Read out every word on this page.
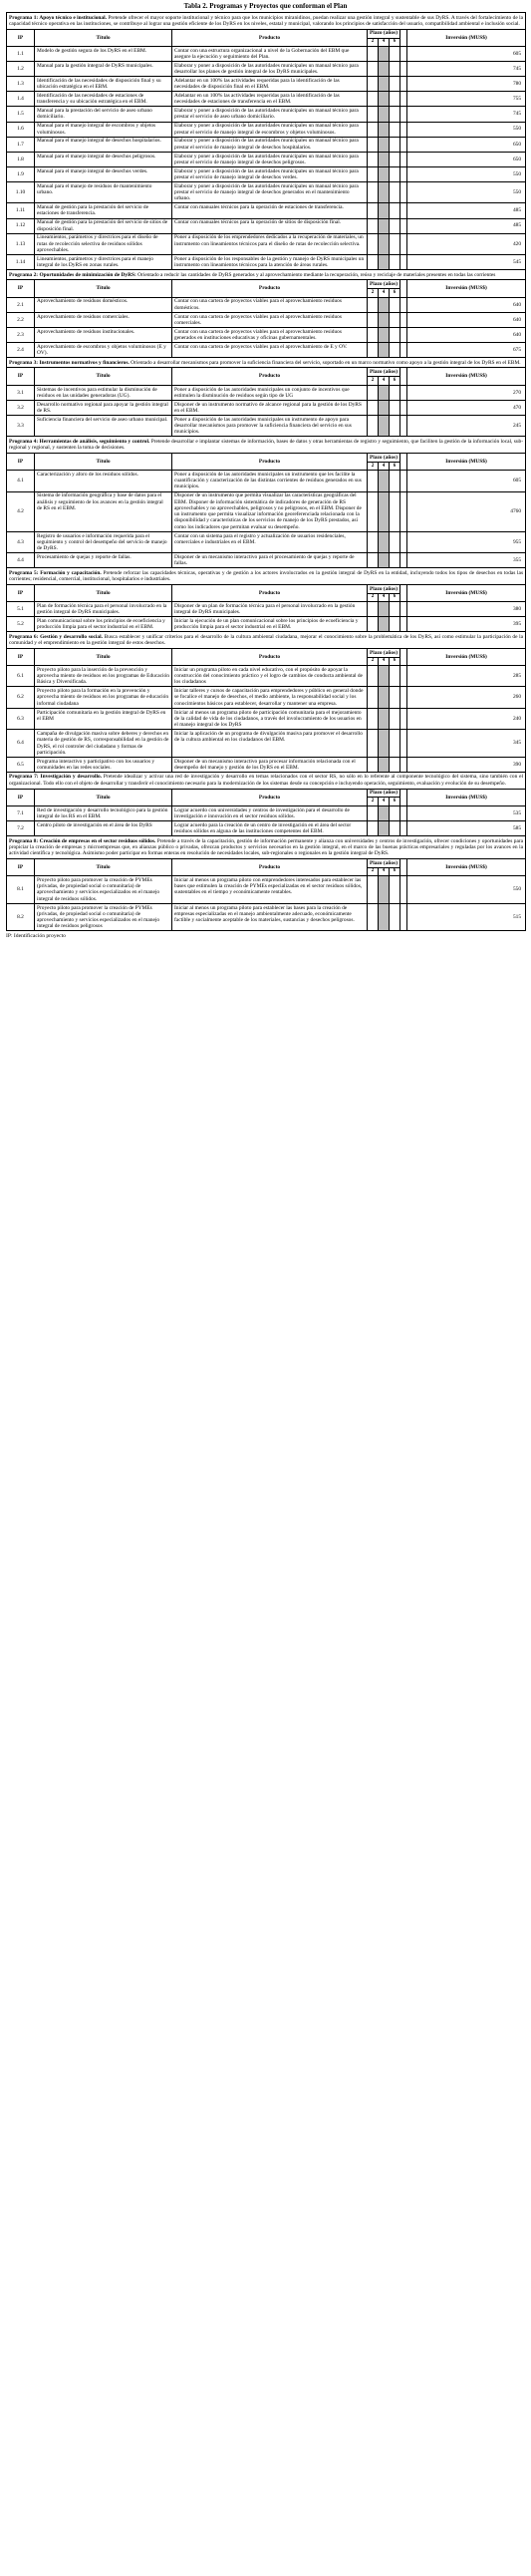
Tabla 2. Programas y Proyectos que conforman el Plan
Programa 1: Apoyo técnico e institucional. Pretende ofrecer el mayor soporte institucional y técnico para que los municipios miranidinos, puedan realizar una gestión integral y sustentable de sus DyRS. A través del fortalecimiento de la capacidad técnico operativa en las instituciones, se contribuye al lograr una gestión eficiente de los DyRS en los niveles, estatal y municipal, valorando los principios de satisfacción del usuario, compatibilidad ambiental e inclusión social.							
IP	Título	Producto	Plazo (años)				Inversión (MUS$)
			2	4	6		
1.1	Modelo de gestión segura de los DyRS en el EBM.	Contar con una estructura organizacional a nivel de la Gobernación del EBM que asegure la ejecución y seguimiento del Plan.					605
1.2	Manual para la gestión integral de DyRS municipales.	Elaborar y poner a disposición de las autoridades municipales un manual técnico para desarrollar los planes de gestión integral de los DyRS municipales.					745
1.3	Identificación de las necesidades de disposición final y su ubicación estratégica en el EBM.	Adelantar en un 100% las actividades requeridas para la identificación de las necesidades de disposición final en el EBM.					780
1.4	Identificación de las necesidades de estaciones de transferencia y su ubicación estratégica en el EBM.	Adelantar en un 100% las actividades requeridas para la identificación de las necesidades de estaciones de transferencia en el EBM.					755
1.5	Manual para la prestación del servicio de aseo urbano domiciliario.	Elaborar y poner a disposición de las autoridades municipales un manual técnico para prestar el servicio de aseo urbano domiciliario.					745
1.6	Manual para el manejo integral de escombros y objetos voluminosos.	Elaborar y poner a disposición de las autoridades municipales un manual técnico para prestar el servicio de manejo integral de escombros y objetos voluminosos.					550
1.7	Manual para el manejo integral de desechos hospitalarios.	Elaborar y poner a disposición de las autoridades municipales un manual técnico para prestar el servicio de manejo integral de desechos hospitalarios.					650
1.8	Manual para el manejo integral de desechos peligrosos.	Elaborar y poner a disposición de las autoridades municipales un manual técnico para prestar el servicio de manejo integral de desechos peligrosos.					650
1.9	Manual para el manejo integral de desechos verdes.	Elaborar y poner a disposición de las autoridades municipales un manual técnico para prestar el servicio de manejo integral de desechos verdes.					550
1.10	Manual para el manejo de residuos de mantenimiento urbano.	Elaborar y poner a disposición de las autoridades municipales un manual técnico para prestar el servicio de manejo integral de desechos generados en el mantenimiento urbano.					550
1.11	Manual de gestión para la prestación del servicio de estaciones de transferencia.	Contar con manuales técnicos para la operación de estaciones de transferencia.					485
1.12	Manual de gestión para la prestación del servicio de sitios de disposición final.	Contar con manuales técnicos para la operación de sitios de disposición final.					485
1.13	Lineamientos, parámetros y directrices para el diseño de rutas de recolección selectiva de residuos sólidos aprovechables.	Poner a disposición de los emprendedores dedicados a la recuperación de materiales, un instrumento con lineamientos técnicos para el diseño de rutas de recolección selectiva.					420
1.14	Lineamientos, parámetros y directrices para el manejo integral de los DyRS en zonas rurales.	Poner a disposición de los responsables de la gestión y manejo de DyRS municipales un instrumento con lineamientos técnicos para la atención de áreas rurales.					545
Programa 2: Oportunidades de minimización de DyRS: Orientado a reducir las cantidades de DyRS generados y al aprovechamiento mediante la recuperación, reúso y reciclaje de materiales presentes en todas las corrientes							
IP	Título	Producto	Plazo (años)				Inversión (MUS$)
			2	4	6		
2.1	Aprovechamiento de residuos domésticos.	Contar con una cartera de proyectos viables para el aprovechamiento residuos domésticos.					640
2.2	Aprovechamiento de residuos comerciales.	Contar con una cartera de proyectos viables para el aprovechamiento residuos comerciales.					640
2.3	Aprovechamiento de residuos institucionales.	Contar con una cartera de proyectos viables para el aprovechamiento residuos generados en instituciones educativas y oficinas gubernamentales.					640
2.4	Aprovechamiento de escombros y objetos voluminosos (E y OV).	Contar con una cartera de proyectos viables para el aprovechamiento de E y OV.					675
Programa 3: Instrumentos normativos y financieros. Orientado a desarrollar mecanismos para promover la suficiencia financiera del servicio, soportado en un marco normativo como apoyo a la gestión integral de los DyRS en el EBM.							
IP	Título	Producto	Plazo (años)				Inversión (MUS$)
			2	4	6		
3.1	Sistemas de incentivos para estimular la disminución de residuos en las unidades generadoras (UG).	Poner a disposición de las autoridades municipales un conjunto de incentivos que estimulen la disminución de residuos según tipo de UG					270
3.2	Desarrollo normativo regional para apoyar la gestión integral de RS.	Disponer de un instrumento normativo de alcance regional para la gestión de los DyRS en el EBM.					470
3.3	Suficiencia financiera del servicio de aseo urbano municipal.	Poner a disposición de las autoridades municipales un instrumento de apoyo para desarrollar mecanismos para promover la suficiencia financiera del servicio en sus municipios.					245
Programa 4: Herramientas de análisis, seguimiento y control. Pretende desarrollar e implantar sistemas de información, bases de datos y otras herramientas de registro y seguimiento, que faciliten la gestión de la información local, sub-regional y regional, y sustenten la toma de decisiones.							
IP	Título	Producto	Plazo (años)				Inversión (MUS$)
			2	4	6		
4.1	Caracterización y aforo de los residuos sólidos.	Poner a disposición de las autoridades municipales un instrumento que les facilite la cuantificación y caracterización de las distintas corrientes de residuos generados en sus municipios.					605
4.2	Sistema de información geográfica y base de datos para el análisis y seguimiento de los avances en la gestión integral de RS en el EBM.	Disponer de un instrumento que permita visualizar las características geográficas del EBM. Disponer de información sistemática de indicadores de generación de RS aprovechables y no aprovechables, peligrosos y no peligrosos, en el EBM. Disponer de un instrumento que permita visualizar información georeferenciada relacionada con la disponibilidad y características de los servicios de manejo de los DyRS prestados, así como los indicadores que permitan evaluar su desempeño.					4760
4.3	Registro de usuarios e información requerida para el seguimiento y control del desempeño del servicio de manejo de DyRS.	Contar con un sistema para el registro y actualización de usuarios residenciales, comerciales e industriales en el EBM.					955
4.4	Procesamiento de quejas y reporte de fallas.	Disponer de un mecanismo interactivo para el procesamiento de quejas y reporte de fallas.					355
Programa 5: Formación y capacitación. Pretende reforzar las capacidades técnicas, operativas y de gestión a los actores involucrados en la gestión integral de DyRS en la entidad, incluyendo todos los tipos de desechos en todas las corrientes; residencial, comercial, institucional, hospitalarios e industriales.							
IP	Título	Producto	Plazo (años)				Inversión (MUS$)
			2	4	6		
5.1	Plan de formación técnica para el personal involucrado en la gestión integral de DyRS municipales.	Disponer de un plan de formación técnica para el personal involucrado en la gestión integral de DyRS municipales.					380
5.2	Plan comunicacional sobre los principios de ecoeficiencia y producción limpia para el sector industrial en el EBM.	Iniciar la ejecución de un plan comunicacional sobre los principios de ecoeficiencia y producción limpia para el sector industrial en el EBM.					395
Programa 6: Gestión y desarrollo social. Busca establecer y unificar criterios para el desarrollo de la cultura ambiental ciudadana, mejorar el conocimiento sobre la problemática de los DyRS, así como estimular la participación de la comunidad y el emprendimiento en la gestión integral de estos desechos.							
IP	Título	Producto	Plazo (años)				Inversión (MUS$)
			2	4	6		
6.1	Proyecto piloto para la inserción de la prevención y aprovecha miento de residuos en los programas de Educación Básica y Diversificada.	Iniciar un programa piloto en cada nivel educativo, con el propósito de apoyar la construcción del conocimiento práctico y el logro de cambios de conducta ambiental de los ciudadanos					285
6.2	Proyecto piloto para la formación en la prevención y aprovecha miento de residuos en los programas de educación informal ciudadana	Iniciar talleres y cursos de capacitación para emprendedores y público en general donde se focalice el manejo de desechos, el medio ambiente, la responsabilidad social y los conocimientos básicos para establecer, desarrollar y mantener una empresa.					260
6.3	Participación comunitaria en la gestión integral de DyRS en el EBM	Iniciar al menos un programa piloto de participación comunitaria para el mejoramiento de la calidad de vida de los ciudadanos, a través del involucramiento de los usuarios en el manejo integral de los DyRS					240
6.4	Campaña de divulgación masiva sobre deberes y derechos en materia de gestión de RS, corresponsabilidad en la gestión de DyRS, el rol controler del ciudadano y formas de participación.	Iniciar la aplicación de un programa de divulgación masiva para promover el desarrollo de la cultura ambiental en los ciudadanos del EBM.					345
6.5	Programa interactivo y participativo con los usuarios y comunidades en las redes sociales.	Disponer de un mecanismo interactivo para procesar información relacionada con el desempeño del manejo y gestión de los DyRS en el EBM.					390
Programa 7: Investigación y desarrollo. Pretende idealizar y activar una red de investigación y desarrollo en temas relacionados con el sector RS, no sólo en lo referente al componente tecnológico del sistema, sino también con el organizacional. Todo ello con el objeto de desarrollar y transferir el conocimiento necesario para la modernización de los sistemas desde su concepción e incluyendo operación, seguimiento, evaluación y evolución de su desempeño.							
IP	Título	Producto	Plazo (años)				Inversión (MUS$)
			2	4	6		
7.1	Red de investigación y desarrollo tecnológico para la gestión integral de los RS en el EBM.	Lograr acuerdo con universidades y centros de investigación para el desarrollo de investigación e innovación en el sector residuos sólidos.					535
7.2	Centro piloto de investigación en el área de los DyRS	Lograr acuerdo para la creación de un centro de investigación en el área del sector residuos sólidos en alguna de las instituciones competentes del EBM.					585
Programa 8: Creación de empresas en el sector residuos sólidos. Pretende a través de la capacitación, gestión de información permanente y alianza con universidades y centros de investigación, ofrecer condiciones y oportunidades para propiciar la creación de empresas y microempresas que, en alianzas público o privadas, ofrezcan productos y servicios necesarios en la gestión integral, en el marco de las buenas prácticas empresariales y reguladas por los avances en la actividad científica y tecnológica. Asimismo poder participar en formas enteras en resolución de necesidades locales, sub-regionales o regionales en la gestión integral de DyRS.							
IP	Título	Producto	Plazo (años)				Inversión (MUS$)
			2	4	6		
8.1	Proyecto piloto para promover la creación de PYMEs (privadas, de propiedad social o comunitaria) de aprovechamiento y servicios especializados en el manejo integral de residuos sólidos.	Iniciar al menos un programa piloto con emprendedores interesados para establecer las bases que estimulen la creación de PYMEs especializadas en el sector residuos sólidos, sustentables en el tiempo y económicamente rentables.					550
8.2	Proyecto piloto para promover la creación de PYMEs (privadas, de propiedad social o comunitaria) de aprovechamiento y servicios especializados en el manejo integral de residuos peligrosos	Iniciar al menos un programa piloto para establecer las bases para la creación de empresas especializadas en el manejo ambientalmente adecuado, económicamente factible y socialmente aceptable de los materiales, sustancias y desechos peligrosos.					515
IP: Identificación proyecto
